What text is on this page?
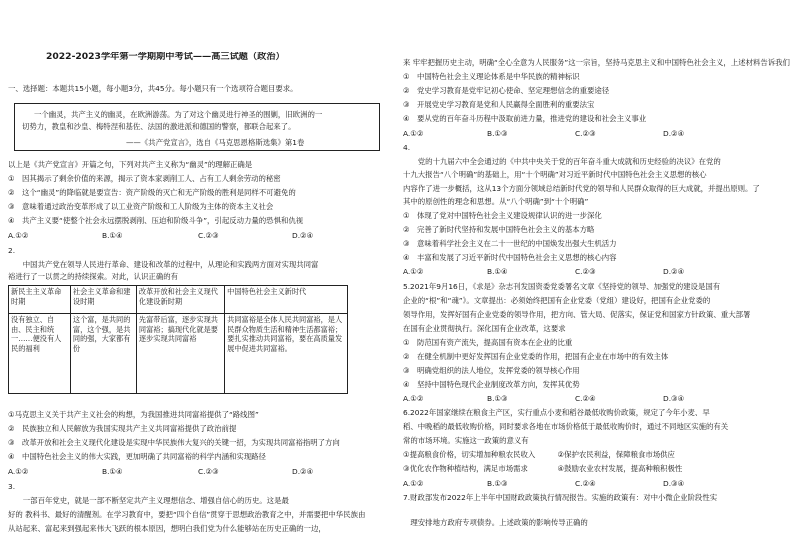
2022-2023学年第一学期期中考试——高三试题（政治）
一、选择题：本题共15小题，每小题3分，共45分。每小题只有一个选项符合题目要求。
一个幽灵，共产主义的幽灵，在欧洲游荡。为了对这个幽灵进行神圣的围剿，旧欧洲的一
切势力，教皇和沙皇、梅特涅和基佐、法国的激进派和德国的警察，都联合起来了。
——《共产党宣言》，选自《马克思恩格斯选集》第1卷
以上是《共产党宣言》开篇之句，下列对共产主义称为“幽灵”的理解正确是
①　因其揭示了剩余价值的来源，揭示了资本家剥削工人、占有工人剩余劳动的秘密
②　这个“幽灵”的降临就是要宣告：资产阶级的灭亡和无产阶级的胜利是同样不可避免的
③　意味着通过政治变革形成了以工业资产阶级和工人阶级为主体的资本主义社会
④　共产主义要“使整个社会永远摆脱剥削、压迫和阶级斗争”，引起反动力量的恐惧和仇视
A.①②	B.①④	C.②③	D.②④
2.
　　中国共产党在领导人民进行革命、建设和改革的过程中，从理论和实践两方面对实现共同富
裕进行了一以贯之的持续探索。对此，认识正确的有
新民主主义革命时期	社会主义革命和建设时期	改革开放和社会主义现代化建设新时期	中国特色社会主义新时代
没有独立、自由、民主和统一……便没有人民的福利	这个富，是共同的富，这个强，是共同的强，大家都有份	先富带后富，逐步实现共同富裕；搞现代化就是要逐步实现共同富裕	共同富裕是全体人民共同富裕，是人民群众物质生活和精神生活都富裕；要扎实推动共同富裕，要在高质量发展中促进共同富裕。
①马克思主义关于共产主义社会的构想，为我国推进共同富裕提供了“路线图”
②　民族独立和人民解放为我国实现共产主义共同富裕提供了政治前提
③　改革开放和社会主义现代化建设是实现中华民族伟大复兴的关键一招，为实现共同富裕指明了方向
④　中国特色社会主义的伟大实践，更加明确了共同富裕的科学内涵和实现路径
A.①②	B.①④	C.②③	D.②④
3.
　　一部百年党史，就是一部不断坚定共产主义理想信念、增强自信心的历史。这是最
好的 教科书、最好的清醒剂。在学习教育中，要把“四个自信”贯穿于思想政治教育之中，并需要把中华民族由
从站起来、富起来到强起来伟大飞跃的根本原因，想明白我们党为什么能够站在历史正确的一边，
来 牢牢把握历史主动，明确“全心全意为人民服务”这一宗旨，坚持马克思主义和中国特色社会主义，上述材料告诉我们
①　中国特色社会主义理论体系是中华民族的精神标识
②　党史学习教育是党牢记初心使命、坚定理想信念的重要途径
③　开展党史学习教育是党和人民赢得全面胜利的重要法宝
④　要从党的百年奋斗历程中汲取前进力量，推进党的建设和社会主义事业
A.①②	B.①③	C.②③	D.②④
4.
　　党的十九届六中全会通过的《中共中央关于党的百年奋斗重大成就和历史经验的决议》在党的
十九大报告“八个明确”的基础上，用“十个明确”对习近平新时代中国特色社会主义思想的核心
内容作了进一步概括，这从13个方面分领域总结新时代党的领导和人民群众取得的巨大成就，并提出原则。了
其中的原创性的理念和思想。从“八个明确”到“十个明确”
①　体现了党对中国特色社会主义建设规律认识的进一步深化
②　完善了新时代坚持和发展中国特色社会主义的基本方略
③　意味着科学社会主义在二十一世纪的中国焕发出强大生机活力
④　丰富和发展了习近平新时代中国特色社会主义思想的核心内容
A.①②	B.①④	C.②③	D.②④
5.2021年9月16日，《求是》杂志刊发国资委党委署名文章《坚持党的领导、加强党的建设是国有
企业的“根”和“魂”》。文章提出：必须始终把国有企业党委（党组）建设好，把国有企业党委的
领导作用，发挥好国有企业党委的领导作用，把方向、管大局、促落实，保证党和国家方针政策、重大部署
在国有企业贯彻执行。深化国有企业改革，这要求
①　防范国有资产流失，提高国有资本在企业的比重
②　在健全机制中更好发挥国有企业党委的作用，把国有企业在市场中的有效主体
③　明确党组织的法人地位，发挥党委的领导核心作用
④　坚持中国特色现代企业制度改革方向，发挥其优势
A.①②	B.①③	C.②④	D.③④
6.2022年国家继续在粮食主产区，实行重点小麦和稻谷最低收购价政策，规定了今年小麦、早
稻、中晚稻的最低收购价格，同时要求各地在市场价格低于最低收购价时，通过不同地区实施的有关
常的市场环境。实施这一政策的意义有
①提高粮食价格，切实增加种粮农民收入　　　②保护农民利益，保障粮食市场供应
③优化农作物种植结构，满足市场需求　　　　④鼓励农业农村发展，提高种粮积极性
A.①②	B.①③	C.②④	D.③④
7.财政部发布2022年上半年中国财政政策执行情况报告。实施的政策有：对中小微企业阶段性实
　理安排地方政府专项债券。上述政策的影响传导正确的
